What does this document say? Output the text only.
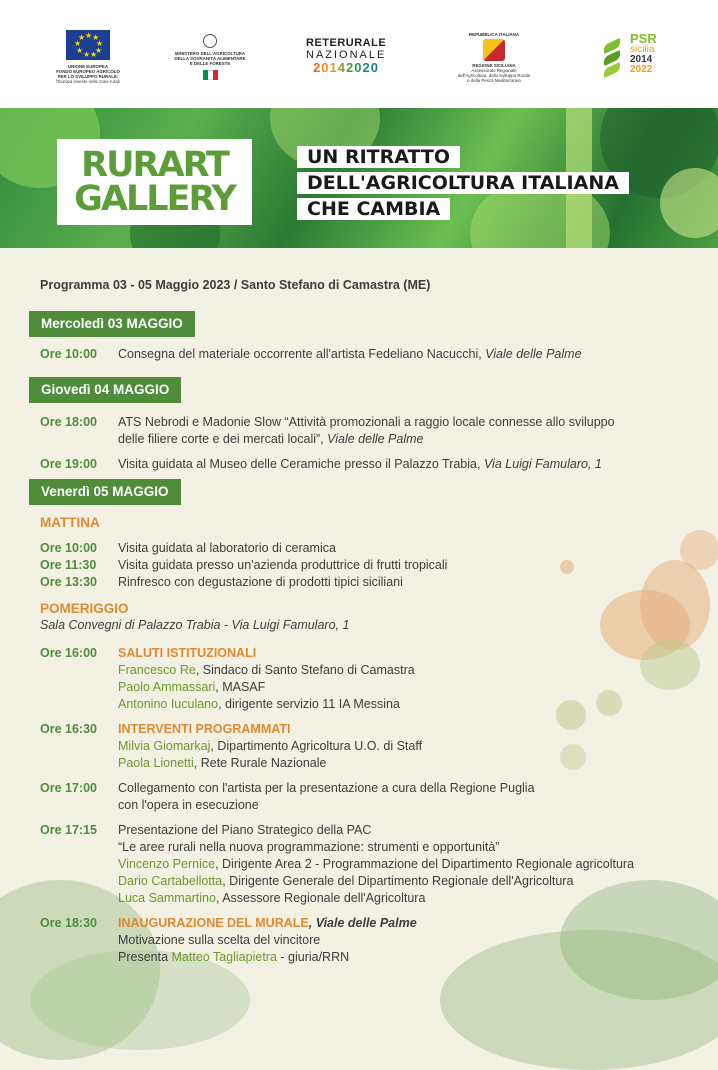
★ ★
★
★
★
★
★
★
★
UNIONE EUROPEA
FONDO EUROPEO AGRICOLO
PER LO SVILUPPO RURALE:
l'Europa investe nelle zone rurali
MINISTERO DELL'AGRICOLTURA
DELLA SOVRANITÀ ALIMENTARE
E DELLE FORESTE
RETERURALE
NAZIONALE
20142020
REPUBBLICA ITALIANA
REGIONE SICILIANA
Assessorato Regionale
dell'Agricoltura, dello Sviluppo Rurale
e della Pesca Mediterranea
PSR
sicilia
2014
2022
RURART
GALLERY
UN RITRATTO
DELL'AGRICOLTURA ITALIANA
CHE CAMBIA
Programma 03 - 05 Maggio 2023 / Santo Stefano di Camastra (ME)
Mercoledì 03 MAGGIO
Ore 10:00 Consegna del materiale occorrente all'artista Fedeliano Nacucchi, Viale delle Palme
Giovedì 04 MAGGIO
Ore 18:00 ATS Nebrodi e Madonie Slow “Attività promozionali a raggio locale connesse allo sviluppo
delle filiere corte e dei mercati locali”, Viale delle Palme
Ore 19:00 Visita guidata al Museo delle Ceramiche presso il Palazzo Trabia, Via Luigi Famularo, 1
Venerdì 05 MAGGIO
MATTINA
Ore 10:00 Visita guidata al laboratorio di ceramica
Ore 11:30 Visita guidata presso un'azienda produttrice di frutti tropicali
Ore 13:30 Rinfresco con degustazione di prodotti tipici siciliani
POMERIGGIO
Sala Convegni di Palazzo Trabia - Via Luigi Famularo, 1
Ore 16:00 SALUTI ISTITUZIONALI
Francesco Re, Sindaco di Santo Stefano di Camastra
Paolo Ammassari, MASAF
Antonino Iuculano, dirigente servizio 11 IA Messina
Ore 16:30 INTERVENTI PROGRAMMATI
Milvia Giomarkaj, Dipartimento Agricoltura U.O. di Staff
Paola Lionetti, Rete Rurale Nazionale
Ore 17:00 Collegamento con l'artista per la presentazione a cura della Regione Puglia
con l'opera in esecuzione
Ore 17:15 Presentazione del Piano Strategico della PAC
“Le aree rurali nella nuova programmazione: strumenti e opportunità”
Vincenzo Pernice, Dirigente Area 2 - Programmazione del Dipartimento Regionale agricoltura
Dario Cartabellotta, Dirigente Generale del Dipartimento Regionale dell'Agricoltura
Luca Sammartino, Assessore Regionale dell'Agricoltura
Ore 18:30 INAUGURAZIONE DEL MURALE, Viale delle Palme
Motivazione sulla scelta del vincitore
Presenta Matteo Tagliapietra - giuria/RRN
